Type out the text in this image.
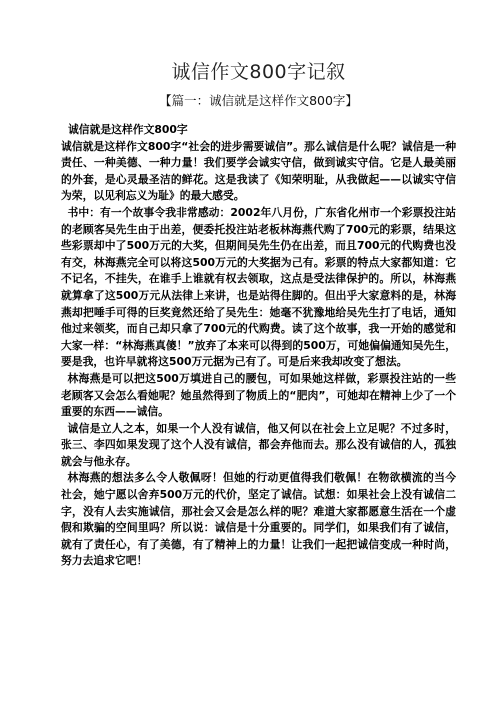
诚信作文800字记叙
【篇一：诚信就是这样作文800字】

诚信就是这样作文800字

诚信就是这样作文800字“社会的进步需要诚信”。那么诚信是什么呢？诚信是一种责任、一种美德、一种力量！我们要学会诚实守信，做到诚实守信。它是人最美丽的外套，是心灵最圣洁的鲜花。这是我读了《知荣明耻，从我做起——以诚实守信为荣，以见利忘义为耻》的最大感受。

书中：有一个故事令我非常感动：2002年八月份，广东省化州市一个彩票投注站的老顾客吴先生由于出差，便委托投注站老板林海燕代购了700元的彩票，结果这些彩票却中了500万元的大奖，但期间吴先生仍在出差，而且700元的代购费也没有交，林海燕完全可以将这500万元的大奖据为己有。彩票的特点大家都知道：它不记名，不挂失，在谁手上谁就有权去领取，这点是受法律保护的。所以，林海燕就算拿了这500万元从法律上来讲，也是站得住脚的。但出乎大家意料的是，林海燕却把唾手可得的巨奖竟然还给了吴先生：她毫不犹豫地给吴先生打了电话，通知他过来领奖，而自己却只拿了700元的代购费。读了这个故事，我一开始的感觉和大家一样：“林海燕真傻！”放弃了本来可以得到的500万，可她偏偏通知吴先生，要是我，也许早就将这500万元据为己有了。可是后来我却改变了想法。

林海燕是可以把这500万填进自己的腰包，可如果她这样做，彩票投注站的一些老顾客又会怎么看她呢？她虽然得到了物质上的“肥肉”，可她却在精神上少了一个重要的东西——诚信。

诚信是立人之本，如果一个人没有诚信，他又何以在社会上立足呢？不过多时，张三、李四如果发现了这个人没有诚信，都会弃他而去。那么没有诚信的人，孤独就会与他永存。

林海燕的想法多么令人敬佩呀！但她的行动更值得我们敬佩！在物欲横流的当今社会，她宁愿以舍弃500万元的代价，坚定了诚信。试想：如果社会上没有诚信二字，没有人去实施诚信，那社会又会是怎么样的呢？难道大家都愿意生活在一个虚假和欺骗的空间里吗？所以说：诚信是十分重要的。同学们，如果我们有了诚信，就有了责任心，有了美德，有了精神上的力量！让我们一起把诚信变成一种时尚，努力去追求它吧！
